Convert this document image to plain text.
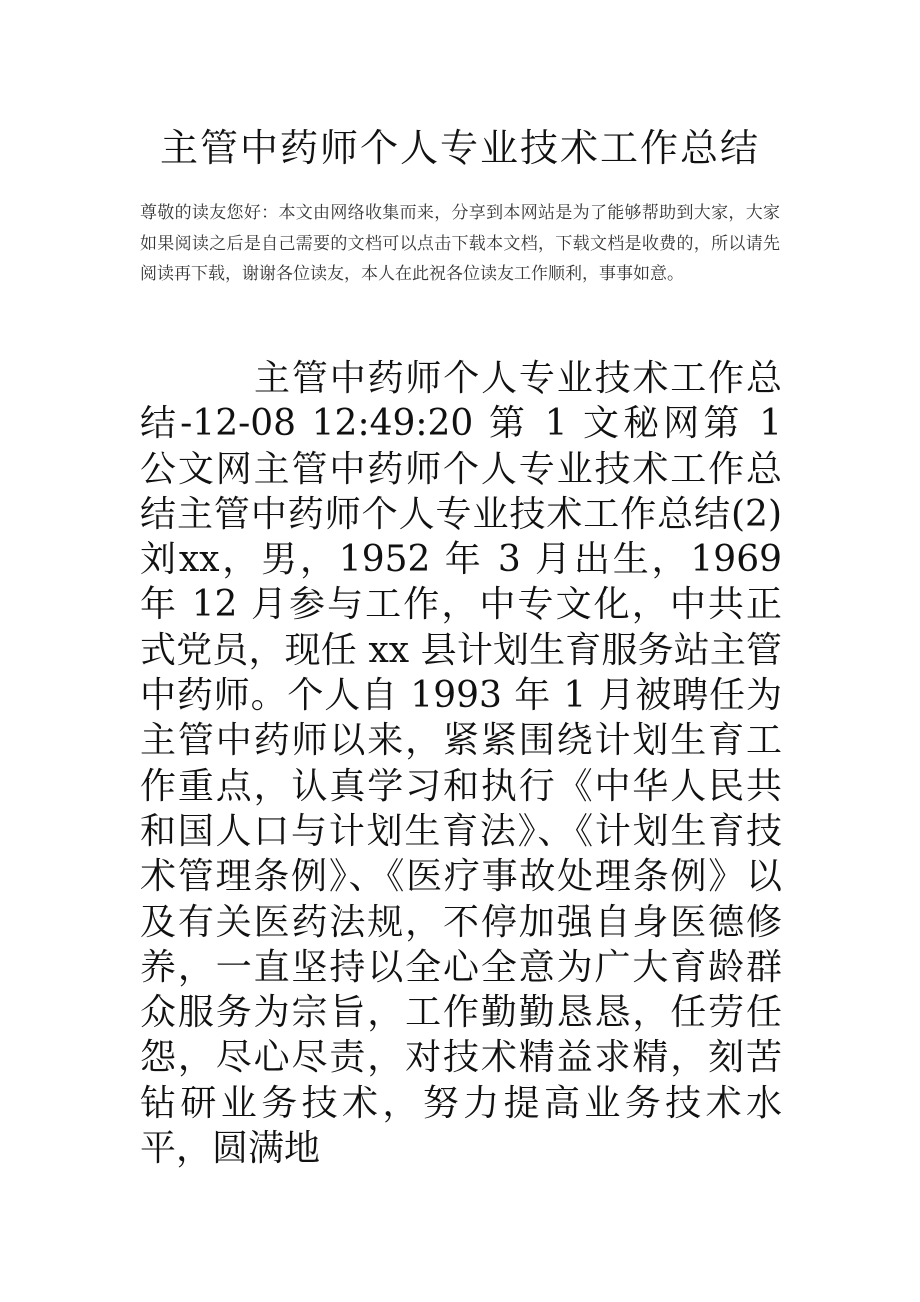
主管中药师个人专业技术工作总结

尊敬的读友您好：本文由网络收集而来，分享到本网站是为了能够帮助到大家，大家如果阅读之后是自己需要的文档可以点击下载本文档，下载文档是收费的，所以请先阅读再下载，谢谢各位读友，本人在此祝各位读友工作顺利，事事如意。

主管中药师个人专业技术工作总结-12-08 12:49:20 第 1 文秘网第 1 公文网主管中药师个人专业技术工作总结主管中药师个人专业技术工作总结(2)刘xx，男，1952 年 3 月出生，1969 年 12 月参与工作，中专文化，中共正式党员，现任 xx 县计划生育服务站主管中药师。个人自 1993 年 1 月被聘任为主管中药师以来，紧紧围绕计划生育工作重点，认真学习和执行《中华人民共和国人口与计划生育法》、《计划生育技术管理条例》、《医疗事故处理条例》以及有关医药法规，不停加强自身医德修养，一直坚持以全心全意为广大育龄群众服务为宗旨，工作勤勤恳恳，任劳任怨，尽心尽责，对技术精益求精，刻苦钻研业务技术，努力提高业务技术水平，圆满地
